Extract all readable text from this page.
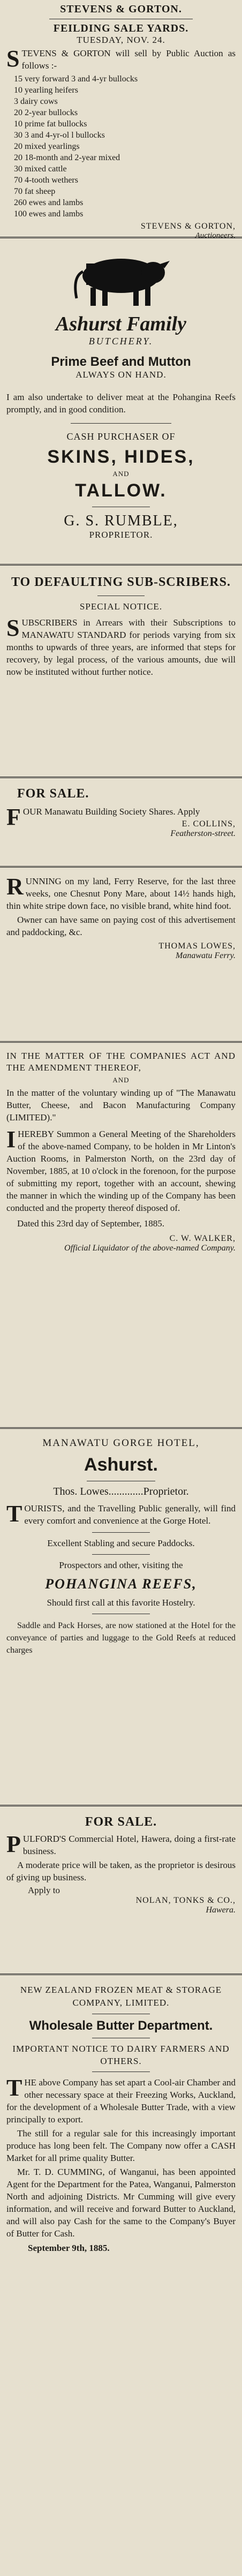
STEVENS & GORTON.

FEILDING SALE YARDS.

TUESDAY, NOV. 24.

STEVENS & GORTON will sell by Public Auction as follows :-

15 very forward 3 and 4-yr bullocks
10 yearling heifers
3 dairy cows
20 2-year bullocks
10 prime fat bullocks
30 3 and 4-yr-ol l bullocks
20 mixed yearlings
20 18-month and 2-year mixed
30 mixed cattle
70 4-tooth wethers
70 fat sheep
260 ewes and lambs
100 ewes and lambs

STEVENS & GORTON,

Auctioneers.

Ashurst Family

BUTCHERY.

Prime Beef and Mutton

ALWAYS ON HAND.

I am also undertake to deliver meat at the Pohangina Reefs promptly, and in good condition.

CASH PURCHASER OF

SKINS, HIDES,

AND

TALLOW.

G. S. RUMBLE,

PROPRIETOR.

TO DEFAULTING SUB-SCRIBERS.

SPECIAL NOTICE.

SUBSCRIBERS in Arrears with their Subscriptions to MANAWATU STANDARD for periods varying from six months to upwards of three years, are informed that steps for recovery, by legal process, of the various amounts, due will now be instituted without further notice.

FOR SALE.

FOUR Manawatu Building Society Shares. Apply

E. COLLINS,

Featherston-street.

RUNNING on my land, Ferry Reserve, for the last three weeks, one Chesnut Pony Mare, about 14½ hands high, thin white stripe down face, no visible brand, white hind foot.

Owner can have same on paying cost of this advertisement and paddocking, &c.

THOMAS LOWES,

Manawatu Ferry.

IN THE MATTER OF THE COMPANIES ACT AND THE AMENDMENT THEREOF,

AND

In the matter of the voluntary winding up of "The Manawatu Butter, Cheese, and Bacon Manufacturing Company (LIMITED)."

IHEREBY Summon a General Meeting of the Shareholders of the above-named Company, to be holden in Mr Linton's Auction Rooms, in Palmerston North, on the 23rd day of November, 1885, at 10 o'clock in the forenoon, for the purpose of submitting my report, together with an account, shewing the manner in which the winding up of the Company has been conducted and the property thereof disposed of.

Dated this 23rd day of September, 1885.

C. W. WALKER,

Official Liquidator of the above-named Company.

MANAWATU GORGE HOTEL,

Ashurst.

Thos. Lowes.............Proprietor.

TOURISTS, and the Travelling Public generally, will find every comfort and convenience at the Gorge Hotel.

Excellent Stabling and secure Paddocks.

Prospectors and other, visiting the

POHANGINA REEFS,

Should first call at this favorite Hostelry.

Saddle and Pack Horses, are now stationed at the Hotel for the conveyance of parties and luggage to the Gold Reefs at reduced charges

FOR SALE.

PULFORD'S Commercial Hotel, Hawera, doing a first-rate business.

A moderate price will be taken, as the proprietor is desirous of giving up business.

Apply to

NOLAN, TONKS & CO.,

Hawera.

NEW ZEALAND FROZEN MEAT & STORAGE COMPANY, LIMITED.

Wholesale Butter Department.

IMPORTANT NOTICE TO DAIRY FARMERS AND OTHERS.

THE above Company has set apart a Cool-air Chamber and other necessary space at their Freezing Works, Auckland, for the development of a Wholesale Butter Trade, with a view principally to export.

The still for a regular sale for this increasingly important produce has long been felt. The Company now offer a CASH Market for all prime quality Butter.

Mr. T. D. CUMMING, of Wanganui, has been appointed Agent for the Department for the Patea, Wanganui, Palmerston North and adjoining Districts. Mr Cumming will give every information, and will receive and forward Butter to Auckland, and will also pay Cash for the same to the Company's Buyer of Butter for Cash.

September 9th, 1885.
